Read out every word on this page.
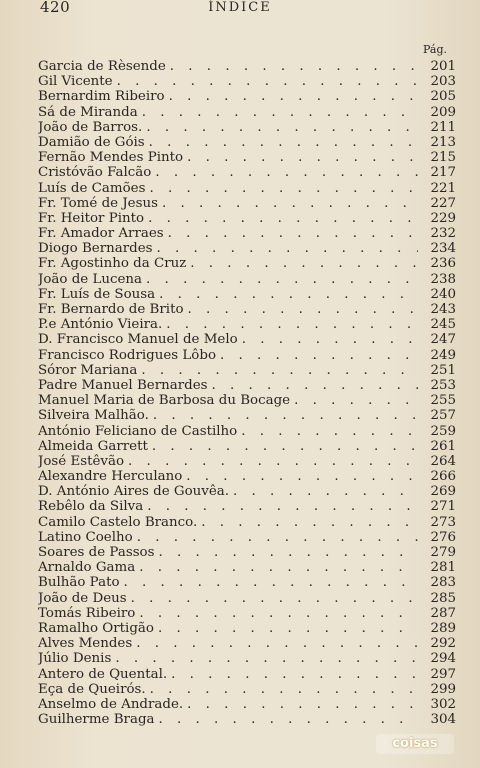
420	ÍNDICE
Pág.
Garcia de Rèsende . . .	201
Gil Vicente . . .	203
Bernardim Ribeiro . . .	205
Sá de Miranda . . .	209
João de Barros. . . .	211
Damião de Góis . . .	213
Fernão Mendes Pinto . . .	215
Cristóvão Falcão . . .	217
Luís de Camões . . .	221
Fr. Tomé de Jesus . . .	227
Fr. Heitor Pinto . . .	229
Fr. Amador Arraes . . .	232
Diogo Bernardes . . .	234
Fr. Agostinho da Cruz . . .	236
João de Lucena . . .	238
Fr. Luís de Sousa . . .	240
Fr. Bernardo de Brito . . .	243
P.e António Vieira. . . .	245
D. Francisco Manuel de Melo . . .	247
Francisco Rodrigues Lôbo . . .	249
Sóror Mariana . . .	251
Padre Manuel Bernardes . . .	253
Manuel Maria de Barbosa du Bocage . . .	255
Silveira Malhão. . . .	257
António Feliciano de Castilho . . .	259
Almeida Garrett . . .	261
José Estêvão . . .	264
Alexandre Herculano . . .	266
D. António Aires de Gouvêa. . . .	269
Rebêlo da Silva . . .	271
Camilo Castelo Branco. . . .	273
Latino Coelho . . .	276
Soares de Passos . . .	279
Arnaldo Gama . . .	281
Bulhão Pato . . .	283
João de Deus . . .	285
Tomás Ribeiro . . .	287
Ramalho Ortigão . . .	289
Alves Mendes . . .	292
Júlio Denis . . .	294
Antero de Quental. . . .	297
Eça de Queirós. . . .	299
Anselmo de Andrade. . . .	302
Guilherme Braga . . .	304
coisas
